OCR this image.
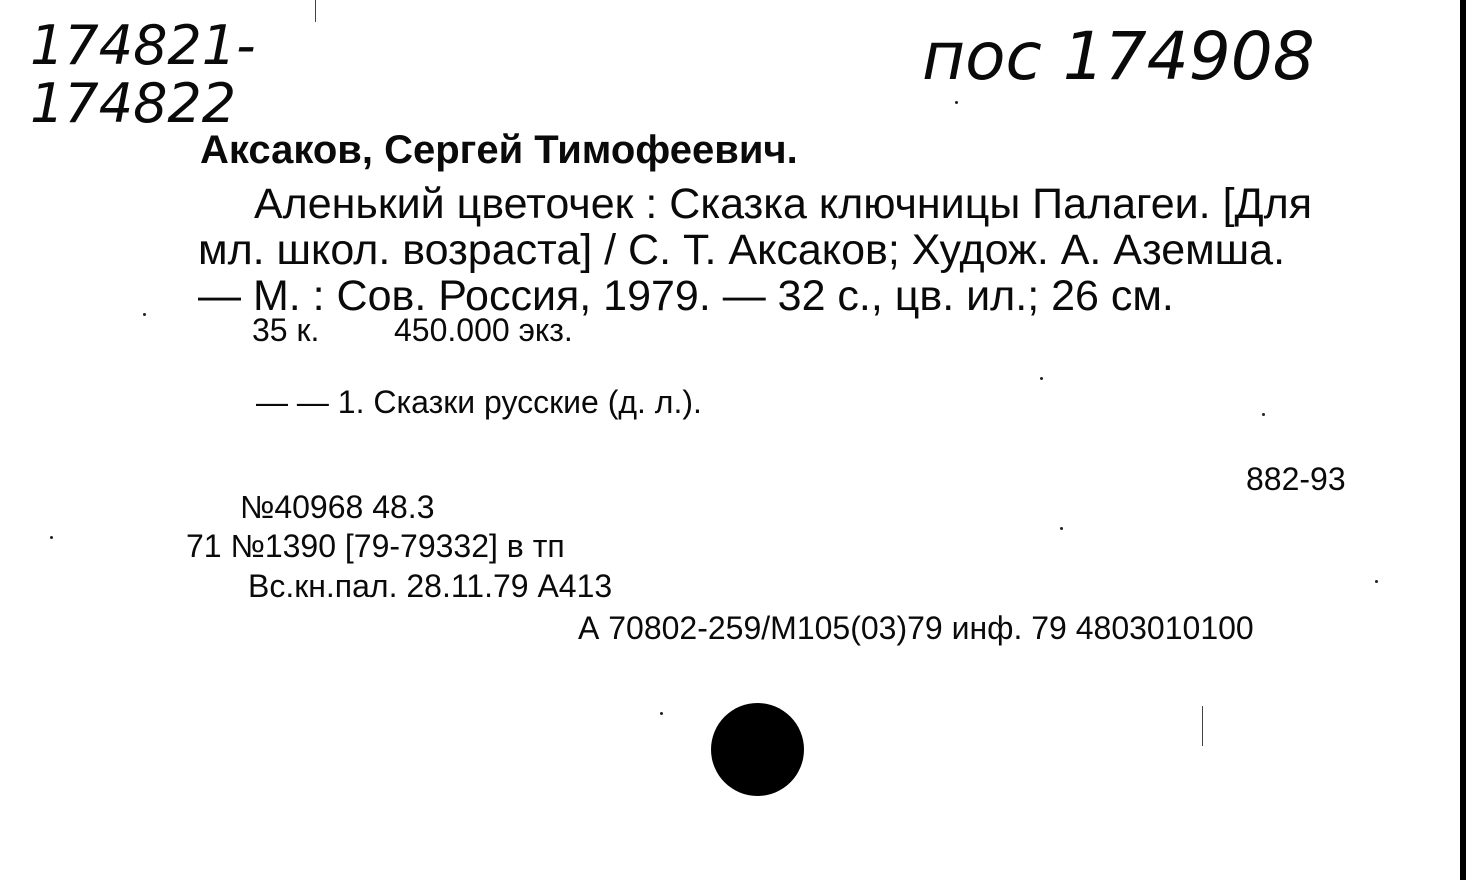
174821-
174822
пос 174908
Аксаков, Сергей Тимофеевич.
Аленький цветочек : Сказка ключницы Палагеи. [Для
мл. школ. возраста] / С. Т. Аксаков; Худож. А. Аземша.
— М. : Сов. Россия, 1979. — 32 с., цв. ил.; 26 см.
35 к. 450.000 экз.
— — 1. Сказки русские (д. л.).
882-93
№40968 48.3
71 №1390 [79-79332] в тп
Вс.кн.пал. 28.11.79 А413
А 70802-259/М105(03)79 инф. 79 4803010100
